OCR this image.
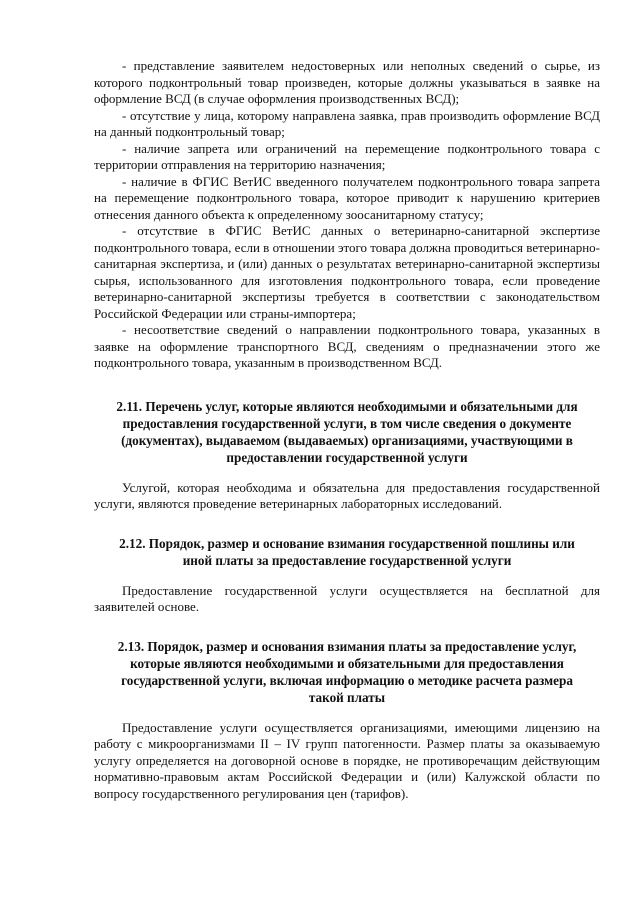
- представление заявителем недостоверных или неполных сведений о сырье, из которого подконтрольный товар произведен, которые должны указываться в заявке на оформление ВСД (в случае оформления производственных ВСД);

- отсутствие у лица, которому направлена заявка, прав производить оформление ВСД на данный подконтрольный товар;

- наличие запрета или ограничений на перемещение подконтрольного товара с территории отправления на территорию назначения;

- наличие в ФГИС ВетИС введенного получателем подконтрольного товара запрета на перемещение подконтрольного товара, которое приводит к нарушению критериев отнесения данного объекта к определенному зоосанитарному статусу;

- отсутствие в ФГИС ВетИС данных о ветеринарно-санитарной экспертизе подконтрольного товара, если в отношении этого товара должна проводиться ветеринарно-санитарная экспертиза, и (или) данных о результатах ветеринарно-санитарной экспертизы сырья, использованного для изготовления подконтрольного товара, если проведение ветеринарно-санитарной экспертизы требуется в соответствии с законодательством Российской Федерации или страны-импортера;

- несоответствие сведений о направлении подконтрольного товара, указанных в заявке на оформление транспортного ВСД, сведениям о предназначении этого же подконтрольного товара, указанным в производственном ВСД.

2.11. Перечень услуг, которые являются необходимыми и обязательными для предоставления государственной услуги, в том числе сведения о документе (документах), выдаваемом (выдаваемых) организациями, участвующими в предоставлении государственной услуги

Услугой, которая необходима и обязательна для предоставления государственной услуги, являются проведение ветеринарных лабораторных исследований.

2.12. Порядок, размер и основание взимания государственной пошлины или иной платы за предоставление государственной услуги

Предоставление государственной услуги осуществляется на бесплатной для заявителей основе.

2.13. Порядок, размер и основания взимания платы за предоставление услуг, которые являются необходимыми и обязательными для предоставления государственной услуги, включая информацию о методике расчета размера такой платы

Предоставление услуги осуществляется организациями, имеющими лицензию на работу с микроорганизмами II – IV групп патогенности. Размер платы за оказываемую услугу определяется на договорной основе в порядке, не противоречащим действующим нормативно-правовым актам Российской Федерации и (или) Калужской области по вопросу государственного регулирования цен (тарифов).
